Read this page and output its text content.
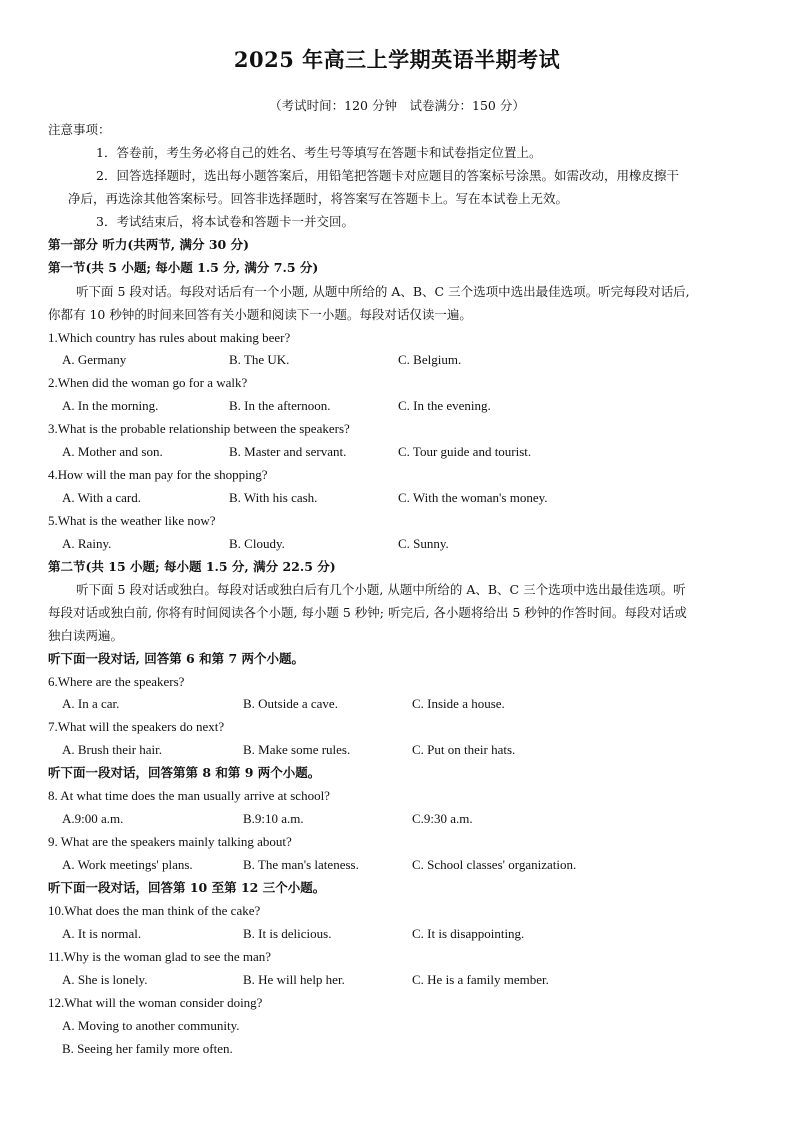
2025 年高三上学期英语半期考试
（考试时间：120 分钟　试卷满分：150 分）
注意事项：
1．答卷前，考生务必将自己的姓名、考生号等填写在答题卡和试卷指定位置上。
2．回答选择题时，选出每小题答案后，用铅笔把答题卡对应题目的答案标号涂黑。如需改动，用橡皮擦干
净后，再选涂其他答案标号。回答非选择题时，将答案写在答题卡上。写在本试卷上无效。
3．考试结束后，将本试卷和答题卡一并交回。
第一部分 听力(共两节, 满分 30 分)
第一节(共 5 小题; 每小题 1.5 分, 满分 7.5 分)
听下面 5 段对话。每段对话后有一个小题, 从题中所给的 A、B、C 三个选项中选出最佳选项。听完每段对话后,
你都有 10 秒钟的时间来回答有关小题和阅读下一小题。每段对话仅读一遍。
1.Which country has rules about making beer?
A. Germany	B. The UK.	C. Belgium.
2.When did the woman go for a walk?
A. In the morning.	B. In the afternoon.	C. In the evening.
3.What is the probable relationship between the speakers?
A. Mother and son.	B. Master and servant.	C. Tour guide and tourist.
4.How will the man pay for the shopping?
A. With a card.	B. With his cash.	C. With the woman's money.
5.What is the weather like now?
A. Rainy.	B. Cloudy.	C. Sunny.
第二节(共 15 小题; 每小题 1.5 分, 满分 22.5 分)
听下面 5 段对话或独白。每段对话或独白后有几个小题, 从题中所给的 A、B、C 三个选项中选出最佳选项。听
每段对话或独白前, 你将有时间阅读各个小题, 每小题 5 秒钟; 听完后, 各小题将给出 5 秒钟的作答时间。每段对话或
独白读两遍。
听下面一段对话, 回答第 6 和第 7 两个小题。
6.Where are the speakers?
A. In a car.	B. Outside a cave.	C. Inside a house.
7.What will the speakers do next?
A. Brush their hair.	B. Make some rules.	C. Put on their hats.
听下面一段对话，回答第第 8 和第 9 两个小题。
8. At what time does the man usually arrive at school?
A.9:00 a.m.	B.9:10 a.m.	C.9:30 a.m.
9. What are the speakers mainly talking about?
A. Work meetings' plans.	B. The man's lateness.	C. School classes' organization.
听下面一段对话，回答第 10 至第 12 三个小题。
10.What does the man think of the cake?
A. It is normal.	B. It is delicious.	C. It is disappointing.
11.Why is the woman glad to see the man?
A. She is lonely.	B. He will help her.	C. He is a family member.
12.What will the woman consider doing?
A. Moving to another community.
B. Seeing her family more often.
